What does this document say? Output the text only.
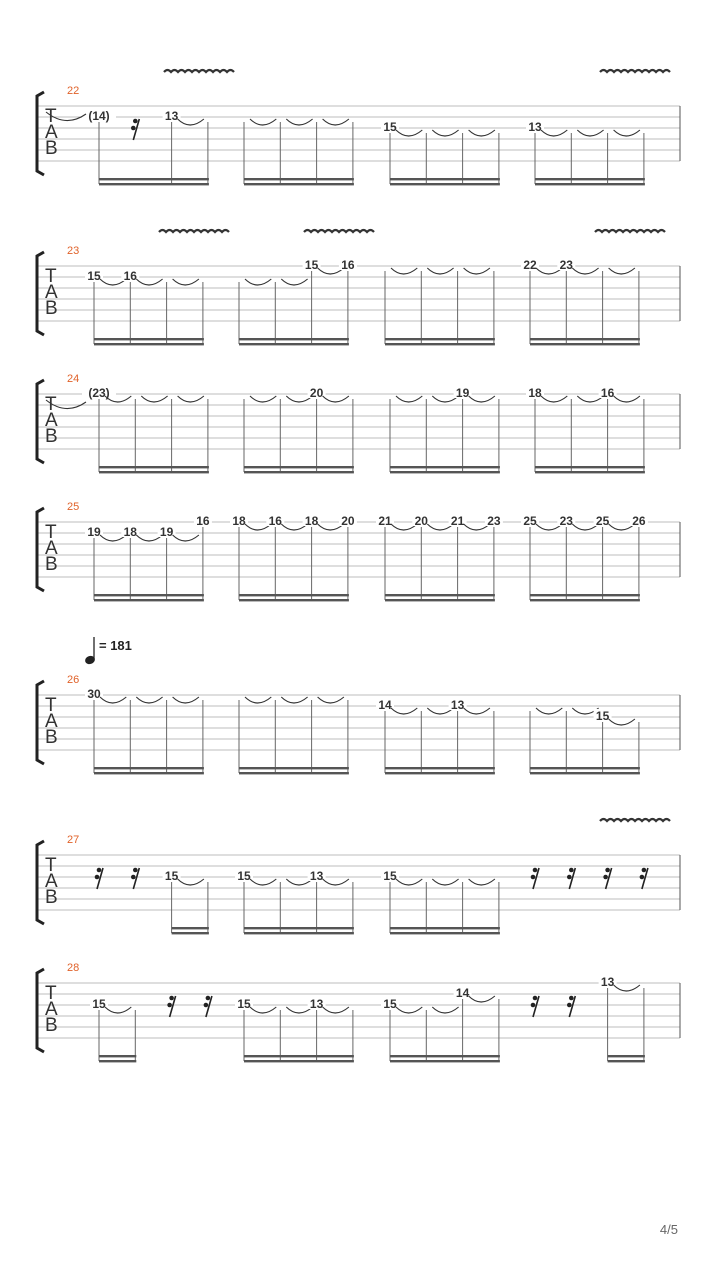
22
T
A
B
(14)	13
15	13
23
T
A
B
15 16
15 16	22 23
24
T
A
B
(23)	20	19	18	16
25
T
A
B
19 18 19
16 18 16 18 20 21 20 21 23 25 23 25 26
26
T
A
B
= 181
30
14	13
15
27
T
A
B
15	15	13	15
28
T
A
B
15	15	13	15
14
13
4/5
